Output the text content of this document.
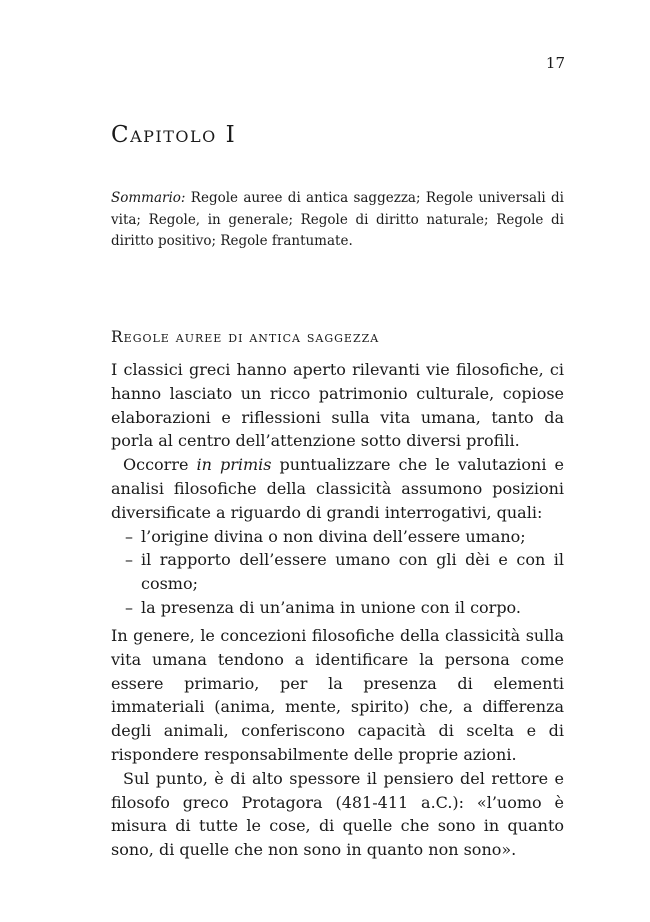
17
Capitolo I
Sommario: Regole auree di antica saggezza; Regole universali di vita; Regole, in generale; Regole di diritto naturale; Regole di diritto positivo; Regole frantumate.
Regole auree di antica saggezza

I classici greci hanno aperto rilevanti vie filosofiche, ci hanno lasciato un ricco patrimonio culturale, copiose elaborazioni e riflessioni sulla vita umana, tanto da porla al centro dell’attenzione sotto diversi profili.

Occorre in primis puntualizzare che le valutazioni e analisi filosofiche della classicità assumono posizioni diversificate a riguardo di grandi interrogativi, quali:

– l’origine divina o non divina dell’essere umano;
– il rapporto dell’essere umano con gli dèi e con il cosmo;
– la presenza di un’anima in unione con il corpo.

In genere, le concezioni filosofiche della classicità sulla vita umana tendono a identificare la persona come essere primario, per la presenza di elementi immateriali (anima, mente, spirito) che, a differenza degli animali, conferiscono capacità di scelta e di rispondere responsabilmente delle proprie azioni.

Sul punto, è di alto spessore il pensiero del rettore e filosofo greco Protagora (481-411 a.C.): «l’uomo è misura di tutte le cose, di quelle che sono in quanto sono, di quelle che non sono in quanto non sono».
